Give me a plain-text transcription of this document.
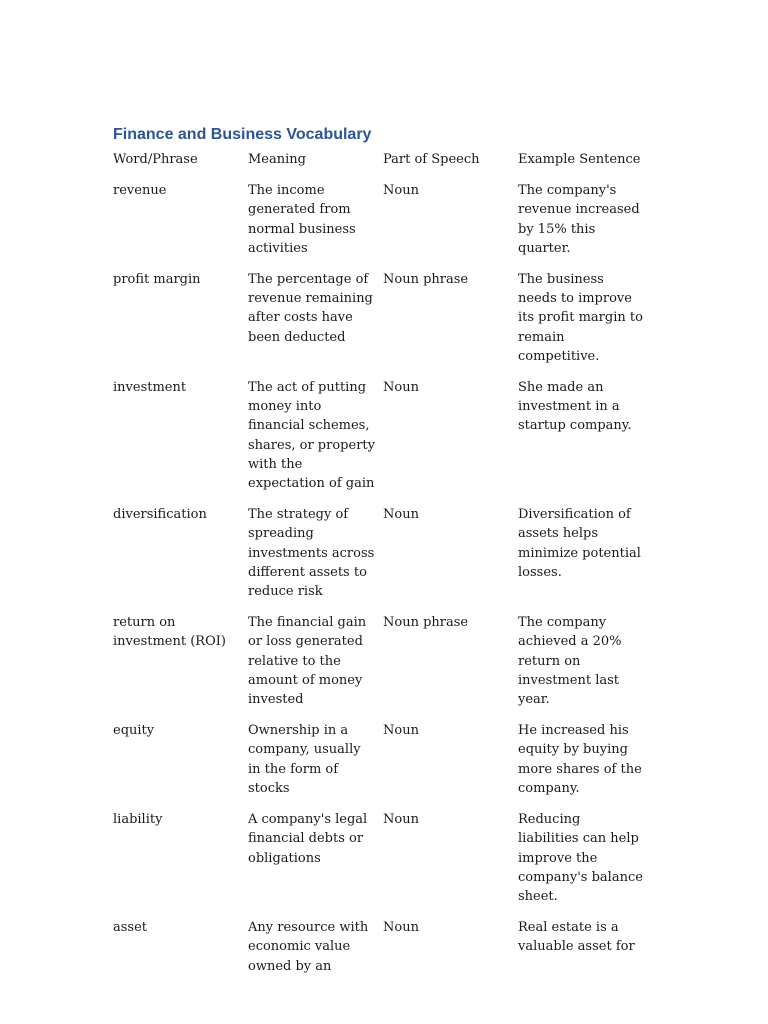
Finance and Business Vocabulary
Word/Phrase	Meaning	Part of Speech	Example Sentence
revenue	The income generated from normal business activities	Noun	The company's revenue increased by 15% this quarter.
profit margin	The percentage of revenue remaining after costs have been deducted	Noun phrase	The business needs to improve its profit margin to remain competitive.
investment	The act of putting money into financial schemes, shares, or property with the expectation of gain	Noun	She made an investment in a startup company.
diversification	The strategy of spreading investments across different assets to reduce risk	Noun	Diversification of assets helps minimize potential losses.
return on investment (ROI)	The financial gain or loss generated relative to the amount of money invested	Noun phrase	The company achieved a 20% return on investment last year.
equity	Ownership in a company, usually in the form of stocks	Noun	He increased his equity by buying more shares of the company.
liability	A company's legal financial debts or obligations	Noun	Reducing liabilities can help improve the company's balance sheet.
asset	Any resource with economic value owned by an	Noun	Real estate is a valuable asset for
